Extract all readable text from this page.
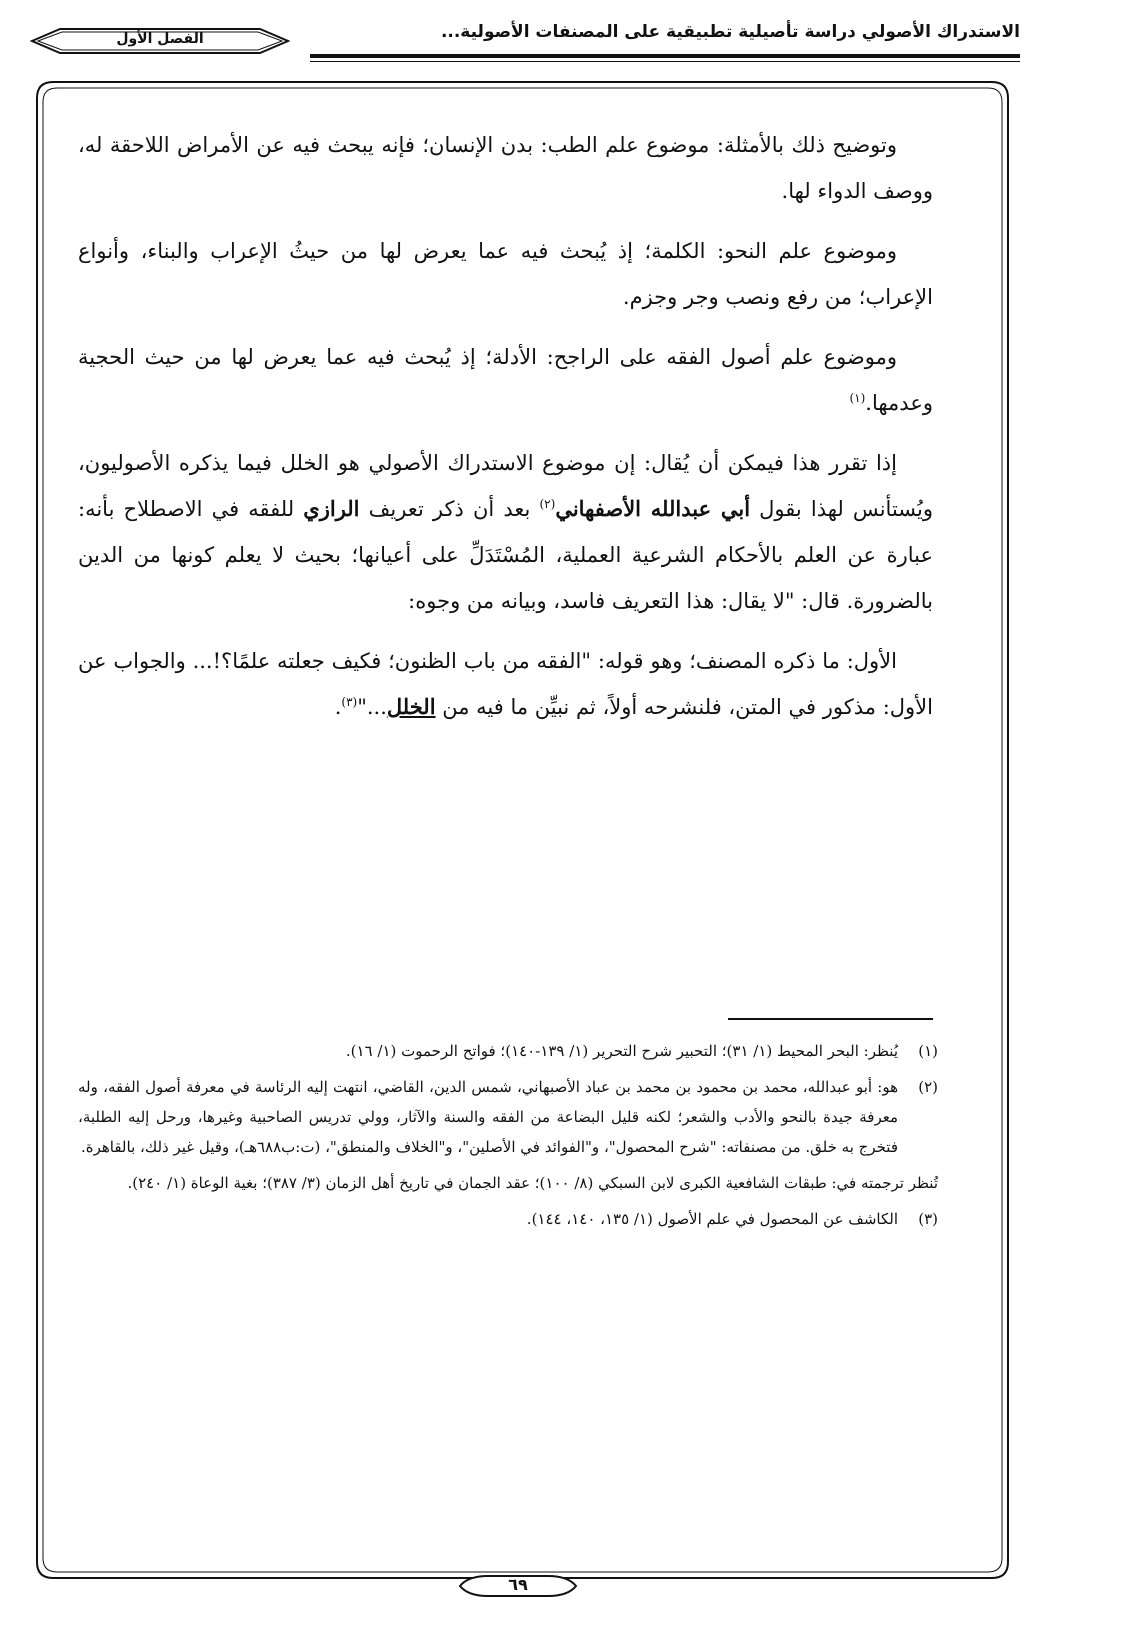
الاستدراك الأصولي دراسة تأصيلية تطبيقية على المصنفات الأصولية...
الفصل الأول

وتوضيح ذلك بالأمثلة: موضوع علم الطب: بدن الإنسان؛ فإنه يبحث فيه عن الأمراض اللاحقة له، ووصف الدواء لها.

وموضوع علم النحو: الكلمة؛ إذ يُبحث فيه عما يعرض لها من حيثُ الإعراب والبناء، وأنواع الإعراب؛ من رفع ونصب وجر وجزم.

وموضوع علم أصول الفقه على الراجح: الأدلة؛ إذ يُبحث فيه عما يعرض لها من حيث الحجية وعدمها.$^{(١)}$

إذا تقرر هذا فيمكن أن يُقال: إن موضوع الاستدراك الأصولي هو الخلل فيما يذكره الأصوليون، ويُستأنس لهذا بقول أبي عبدالله الأصفهاني$^{(٢)}$ بعد أن ذكر تعريف الرازي للفقه في الاصطلاح بأنه: عبارة عن العلم بالأحكام الشرعية العملية، المُسْتَدَلِّ على أعيانها؛ بحيث لا يعلم كونها من الدين بالضرورة. قال: "لا يقال: هذا التعريف فاسد، وبيانه من وجوه:

الأول: ما ذكره المصنف؛ وهو قوله: "الفقه من باب الظنون؛ فكيف جعلته علمًا؟!... والجواب عن الأول: مذكور في المتن، فلنشرحه أولاً، ثم نبيِّن ما فيه من الخلل..."$^{(٣)}$.

(١)

يُنظر: البحر المحيط (١/ ٣١)؛ التحبير شرح التحرير (١/ ١٣٩-١٤٠)؛ فواتح الرحموت (١/ ١٦).

(٢)

هو: أبو عبدالله، محمد بن محمود بن محمد بن عباد الأصبهاني، شمس الدين، القاضي، انتهت إليه الرئاسة في معرفة أصول الفقه، وله معرفة جيدة بالنحو والأدب والشعر؛ لكنه قليل البضاعة من الفقه والسنة والآثار، وولي تدريس الصاحبية وغيرها، ورحل إليه الطلبة، فتخرج به خلق. من مصنفاته: "شرح المحصول"، و"الفوائد في الأصلين"، و"الخلاف والمنطق"، (ت:ب٦٨٨هـ)، وقيل غير ذلك، بالقاهرة.

تُنظر ترجمته في: طبقات الشافعية الكبرى لابن السبكي (٨/ ١٠٠)؛ عقد الجمان في تاريخ أهل الزمان (٣/ ٣٨٧)؛ بغية الوعاة (١/ ٢٤٠).

(٣)

الكاشف عن المحصول في علم الأصول (١/ ١٣٥، ١٤٠، ١٤٤).

٦٩
